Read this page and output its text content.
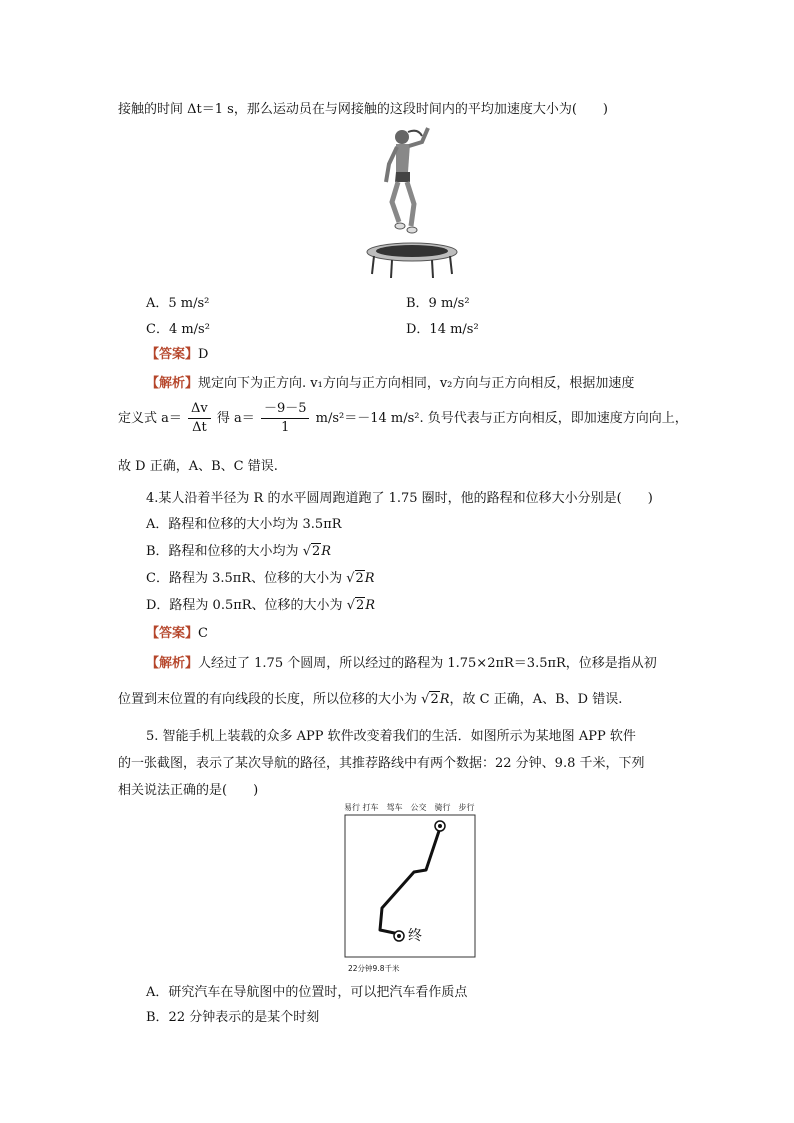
接触的时间 Δt＝1 s，那么运动员在与网接触的这段时间内的平均加速度大小为(　　)
A．5 m/s²	B．9 m/s²
C．4 m/s²	D．14 m/s²
【答案】D
【解析】规定向下为正方向. v₁方向与正方向相同，v₂方向与正方向相反，根据加速度
定义式 $a= \frac{\Delta v}{\Delta t}$ 得 $a= \frac{-9-5}{1} m/s^2=-14$ m/s². 负号代表与正方向相反，即加速度方向向上，
故 D 正确，A、B、C 错误.
4.某人沿着半径为 R 的水平圆周跑道跑了 1.75 圈时，他的路程和位移大小分别是(　　)
A．路程和位移的大小均为 3.5πR
B．路程和位移的大小均为 √2R
C．路程为 3.5πR、位移的大小为 √2R
D．路程为 0.5πR、位移的大小为 √2R
【答案】C
【解析】人经过了 1.75 个圆周，所以经过的路程为 1.75×2πR＝3.5πR，位移是指从初
位置到末位置的有向线段的长度，所以位移的大小为 √2R，故 C 正确，A、B、D 错误.
5. 智能手机上装载的众多 APP 软件改变着我们的生活．如图所示为某地图 APP 软件
的一张截图，表示了某次导航的路径，其推荐路线中有两个数据：22 分钟、9.8 千米，下列
相关说法正确的是(　　)
易行 打车　驾车　公交　骑行　步行
终
22分钟9.8千米
A．研究汽车在导航图中的位置时，可以把汽车看作质点
B．22 分钟表示的是某个时刻
